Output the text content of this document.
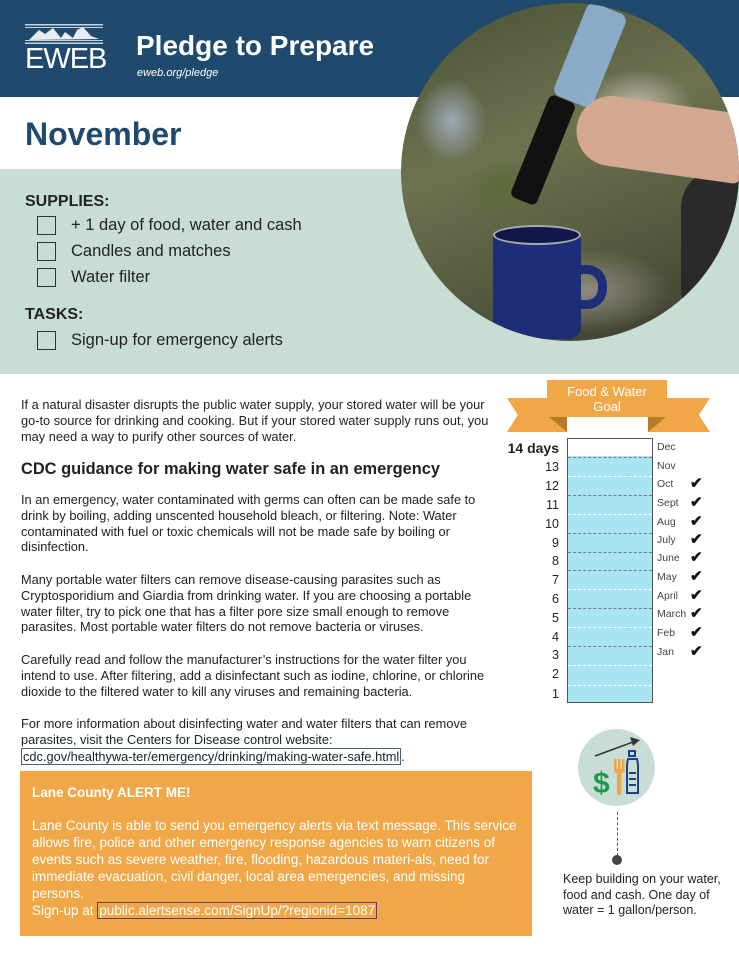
EWEB Pledge to Prepare
eweb.org/pledge
November
SUPPLIES:
+ 1 day of food, water and cash
Candles and matches
Water filter
TASKS:
Sign-up for emergency alerts
If a natural disaster disrupts the public water supply, your stored water will be your go-to source for drinking and cooking. But if your stored water supply runs out, you may need a way to purify other sources of water.
CDC guidance for making water safe in an emergency
In an emergency, water contaminated with germs can often can be made safe to drink by boiling, adding unscented household bleach, or filtering. Note: Water contaminated with fuel or toxic chemicals will not be made safe by boiling or disinfection.
Many portable water filters can remove disease-causing parasites such as Cryptosporidium and Giardia from drinking water. If you are choosing a portable water filter, try to pick one that has a filter pore size small enough to remove parasites. Most portable water filters do not remove bacteria or viruses.
Carefully read and follow the manufacturer’s instructions for the water filter you intend to use. After filtering, add a disinfectant such as iodine, chlorine, or chlorine dioxide to the filtered water to kill any viruses and remaining bacteria.
For more information about disinfecting water and water filters that can remove parasites, visit the Centers for Disease control website:
cdc.gov/healthywa-ter/emergency/drinking/making-water-safe.html .
Lane County ALERT ME!
Lane County is able to send you emergency alerts via text message. This service allows fire, police and other emergency response agencies to warn citizens of events such as severe weather, fire, flooding, hazardous materi-als, need for immediate evacuation, civil danger, local area emergencies, and missing persons.
Sign-up at public.alertsense.com/SignUp/?regionid=1087
Food & Water
Goal
14 days
13
12
11
10
9
8
7
6
5
4
3
2
1
Dec
Nov
Oct
Sept
Aug
July
June
May
April
March
Feb
Jan
✔
✔
✔
✔
✔
✔
✔
✔
✔
✔
$
Keep building on your water, food and cash. One day of water = 1 gallon/person.
